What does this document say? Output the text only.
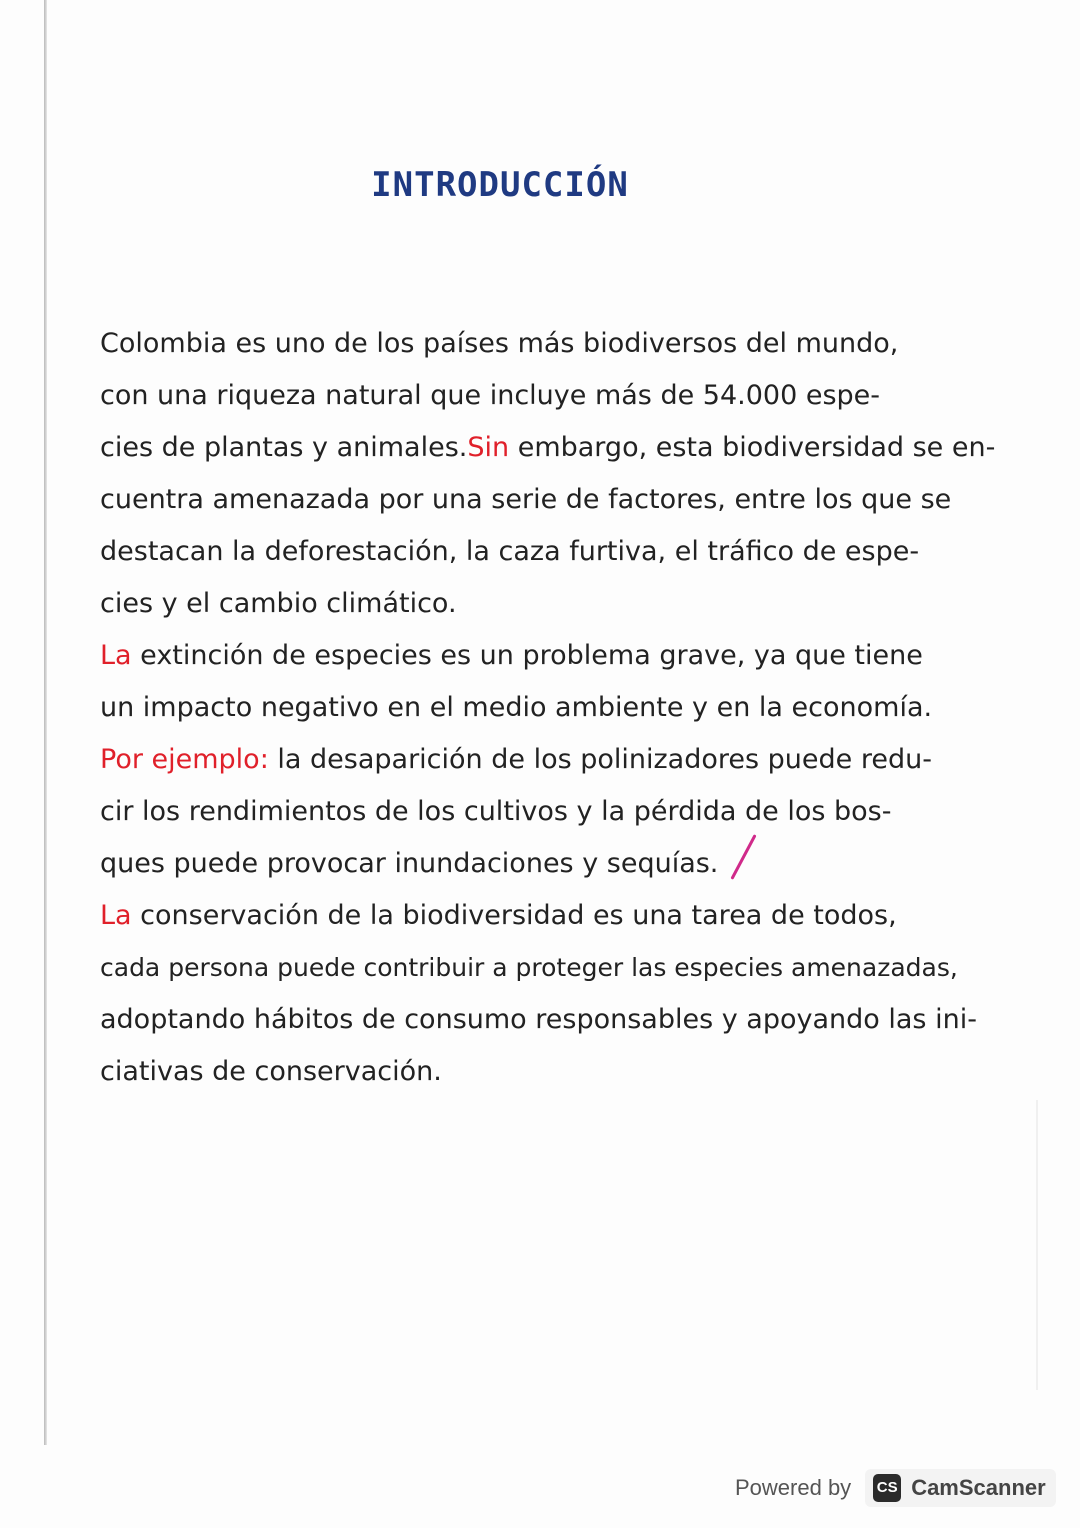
INTRODUCCIÓN
Colombia es uno de los países más biodiversos del mundo,
con una riqueza natural que incluye más de 54.000 espe-
cies de plantas y animales.Sin embargo, esta biodiversidad se en-
cuentra amenazada por una serie de factores, entre los que se
destacan la deforestación, la caza furtiva, el tráfico de espe-
cies y el cambio climático.
La extinción de especies es un problema grave, ya que tiene
un impacto negativo en el medio ambiente y en la economía.
Por ejemplo: la desaparición de los polinizadores puede redu-
cir los rendimientos de los cultivos y la pérdida de los bos-
ques puede provocar inundaciones y sequías.
La conservación de la biodiversidad es una tarea de todos,
cada persona puede contribuir a proteger las especies amenazadas,
adoptando hábitos de consumo responsables y apoyando las ini-
ciativas de conservación.
Powered by CS CamScanner
